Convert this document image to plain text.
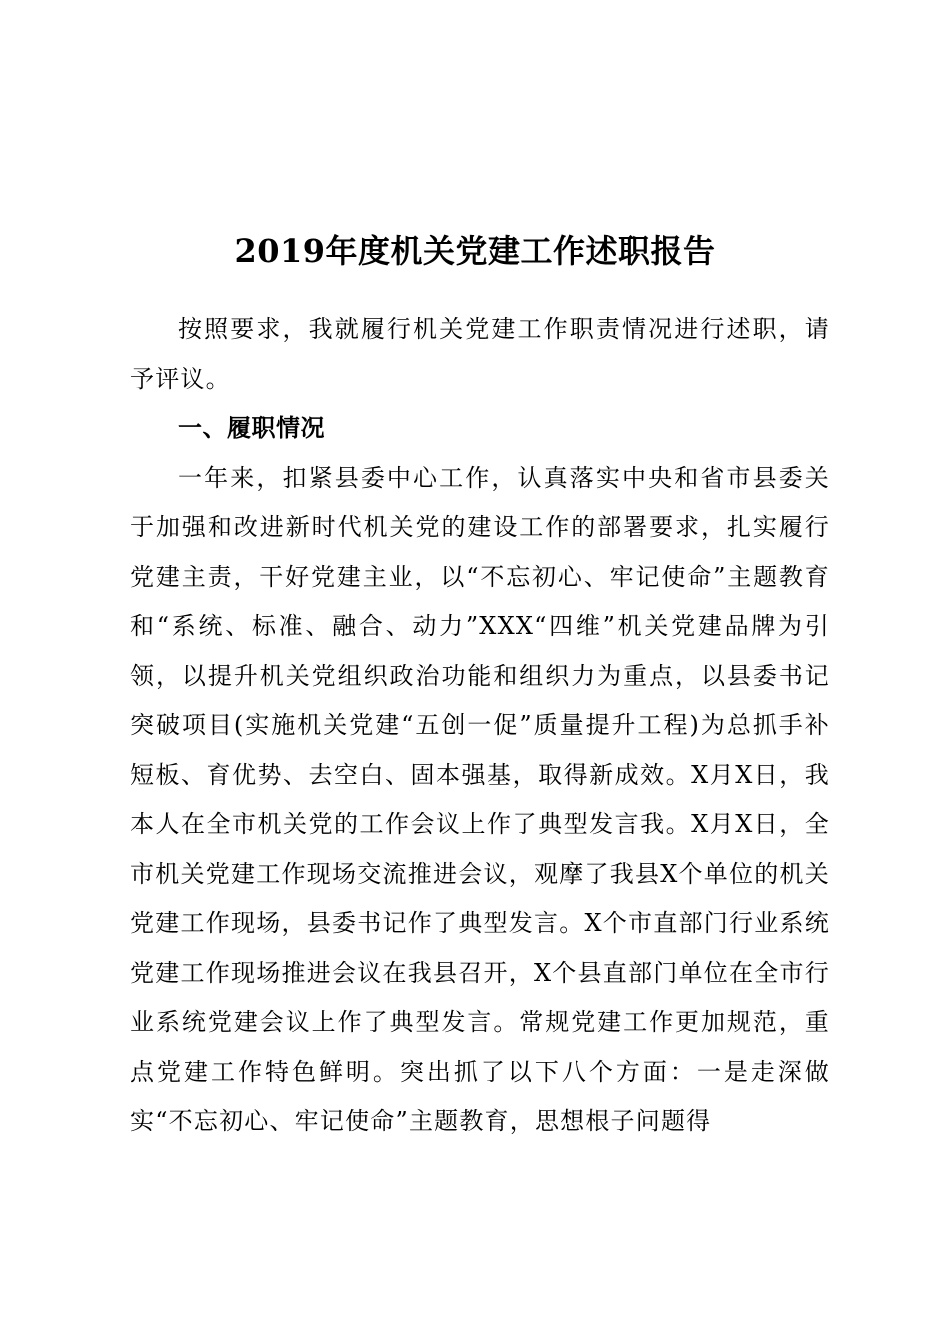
2019年度机关党建工作述职报告

按照要求，我就履行机关党建工作职责情况进行述职，请予评议。

一、履职情况

一年来，扣紧县委中心工作，认真落实中央和省市县委关于加强和改进新时代机关党的建设工作的部署要求，扎实履行党建主责，干好党建主业，以“不忘初心、牢记使命”主题教育和“系统、标准、融合、动力”XXX“四维”机关党建品牌为引领，以提升机关党组织政治功能和组织力为重点，以县委书记突破项目(实施机关党建“五创一促”质量提升工程)为总抓手补短板、育优势、去空白、固本强基，取得新成效。X月X日，我本人在全市机关党的工作会议上作了典型发言我。X月X日，全市机关党建工作现场交流推进会议，观摩了我县X个单位的机关党建工作现场，县委书记作了典型发言。X个市直部门行业系统党建工作现场推进会议在我县召开，X个县直部门单位在全市行业系统党建会议上作了典型发言。常规党建工作更加规范，重点党建工作特色鲜明。突出抓了以下八个方面：一是走深做实“不忘初心、牢记使命”主题教育，思想根子问题得
